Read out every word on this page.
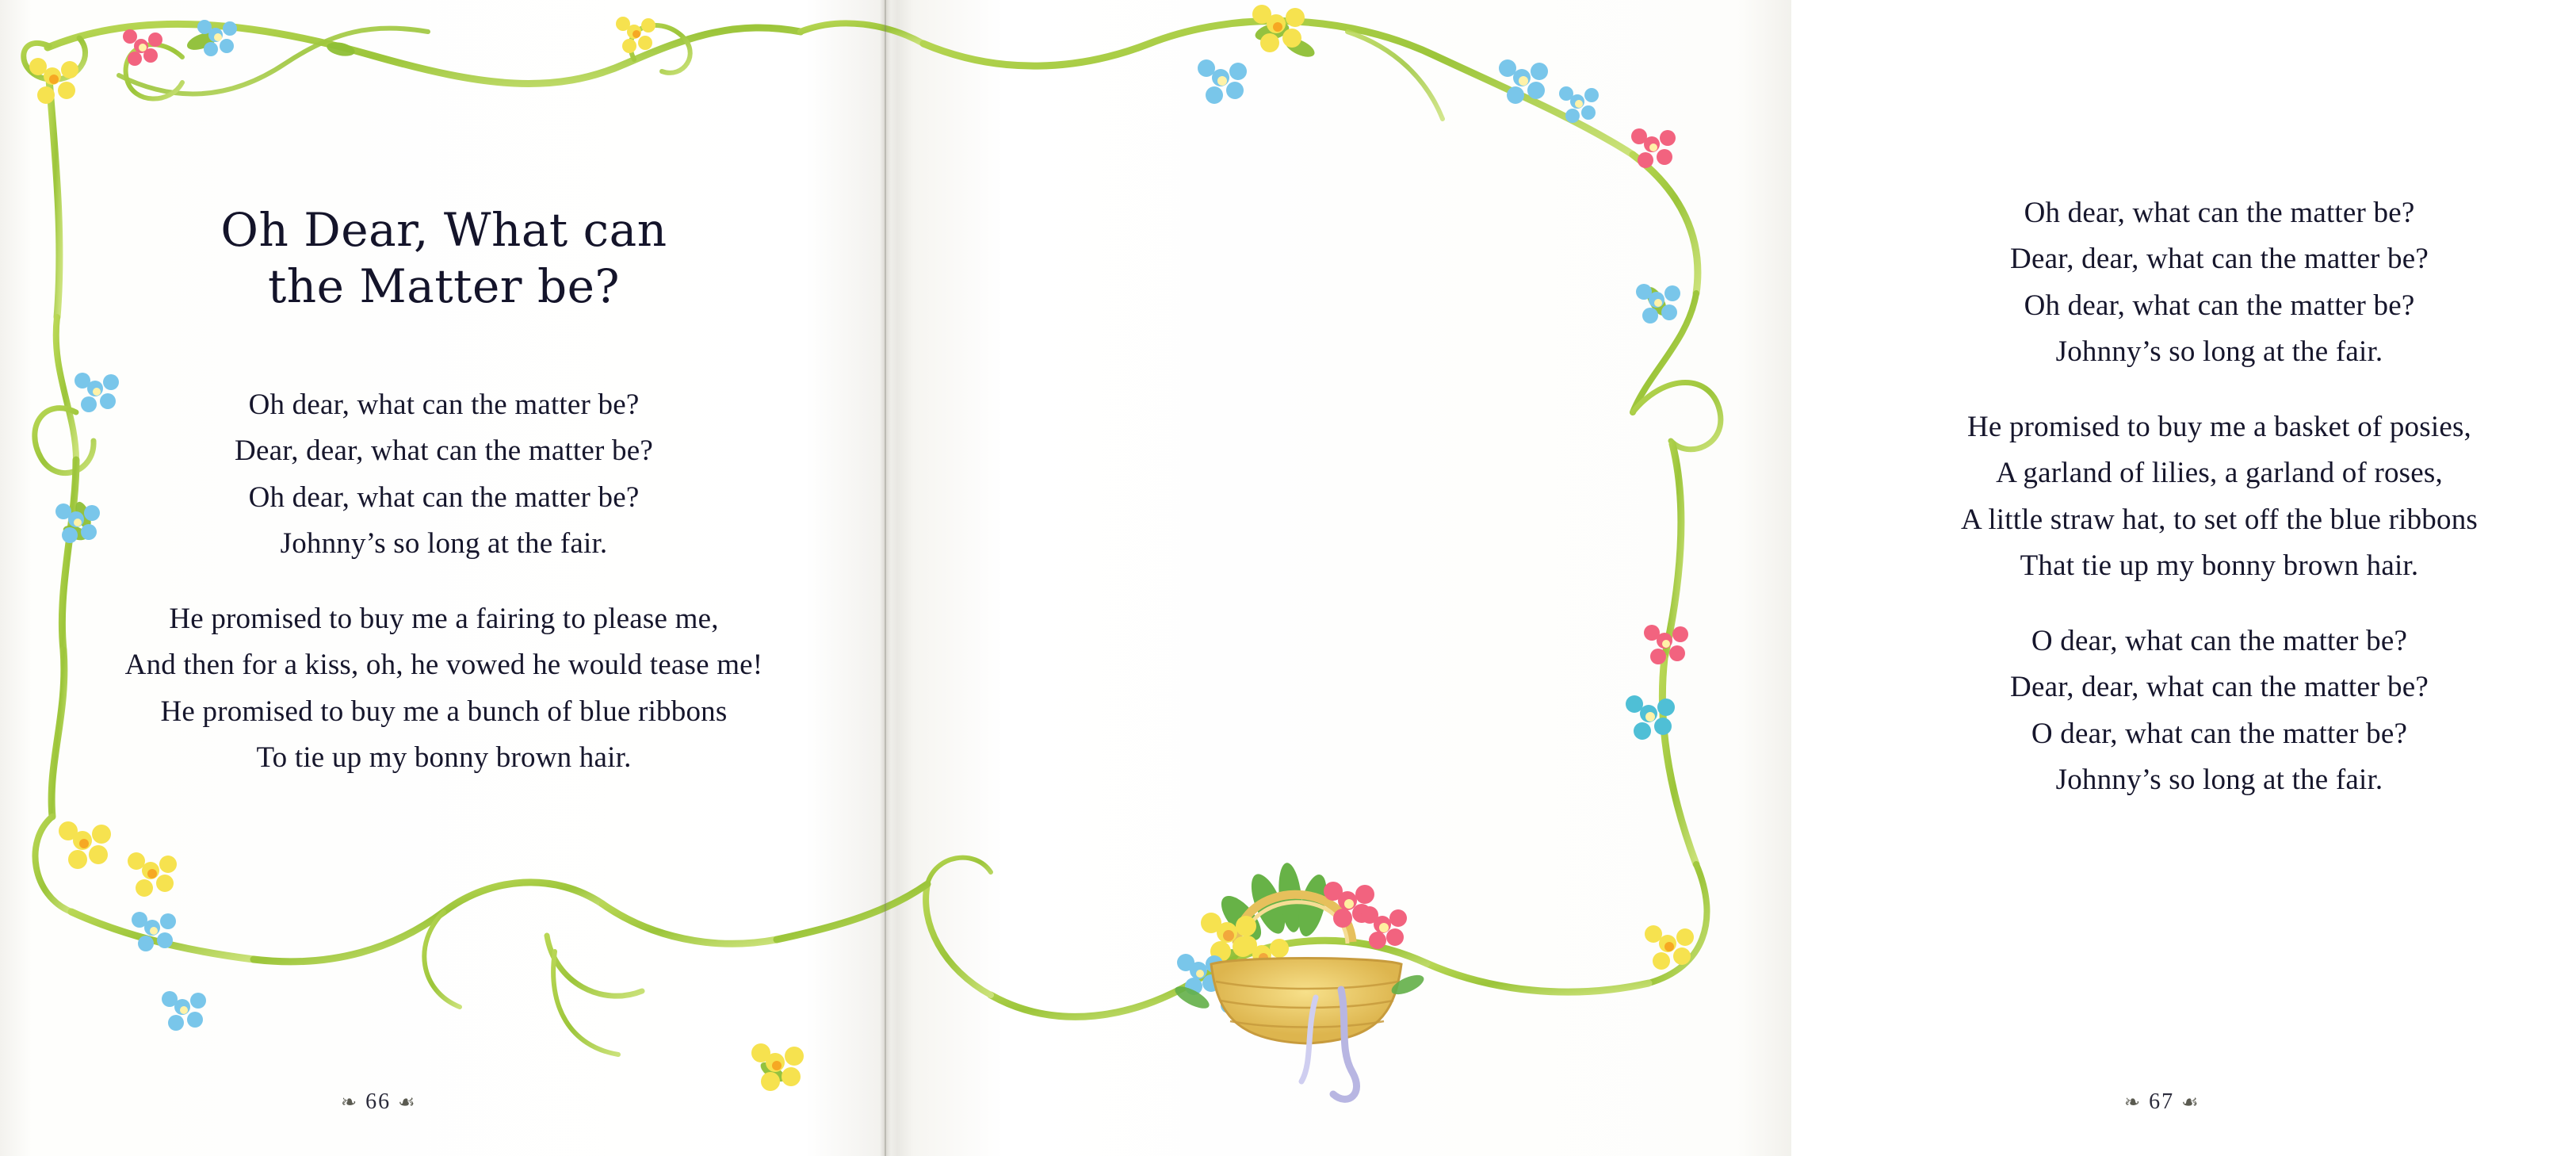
Oh Dear, What can
the Matter be?
Oh dear, what can the matter be?
Dear, dear, what can the matter be?
Oh dear, what can the matter be?
Johnny’s so long at the fair.
He promised to buy me a fairing to please me,
And then for a kiss, oh, he vowed he would tease me!
He promised to buy me a bunch of blue ribbons
To tie up my bonny brown hair.
❧ 66 ☙
Oh dear, what can the matter be?
Dear, dear, what can the matter be?
Oh dear, what can the matter be?
Johnny’s so long at the fair.
He promised to buy me a basket of posies,
A garland of lilies, a garland of roses,
A little straw hat, to set off the blue ribbons
That tie up my bonny brown hair.
O dear, what can the matter be?
Dear, dear, what can the matter be?
O dear, what can the matter be?
Johnny’s so long at the fair.
❧ 67 ☙
